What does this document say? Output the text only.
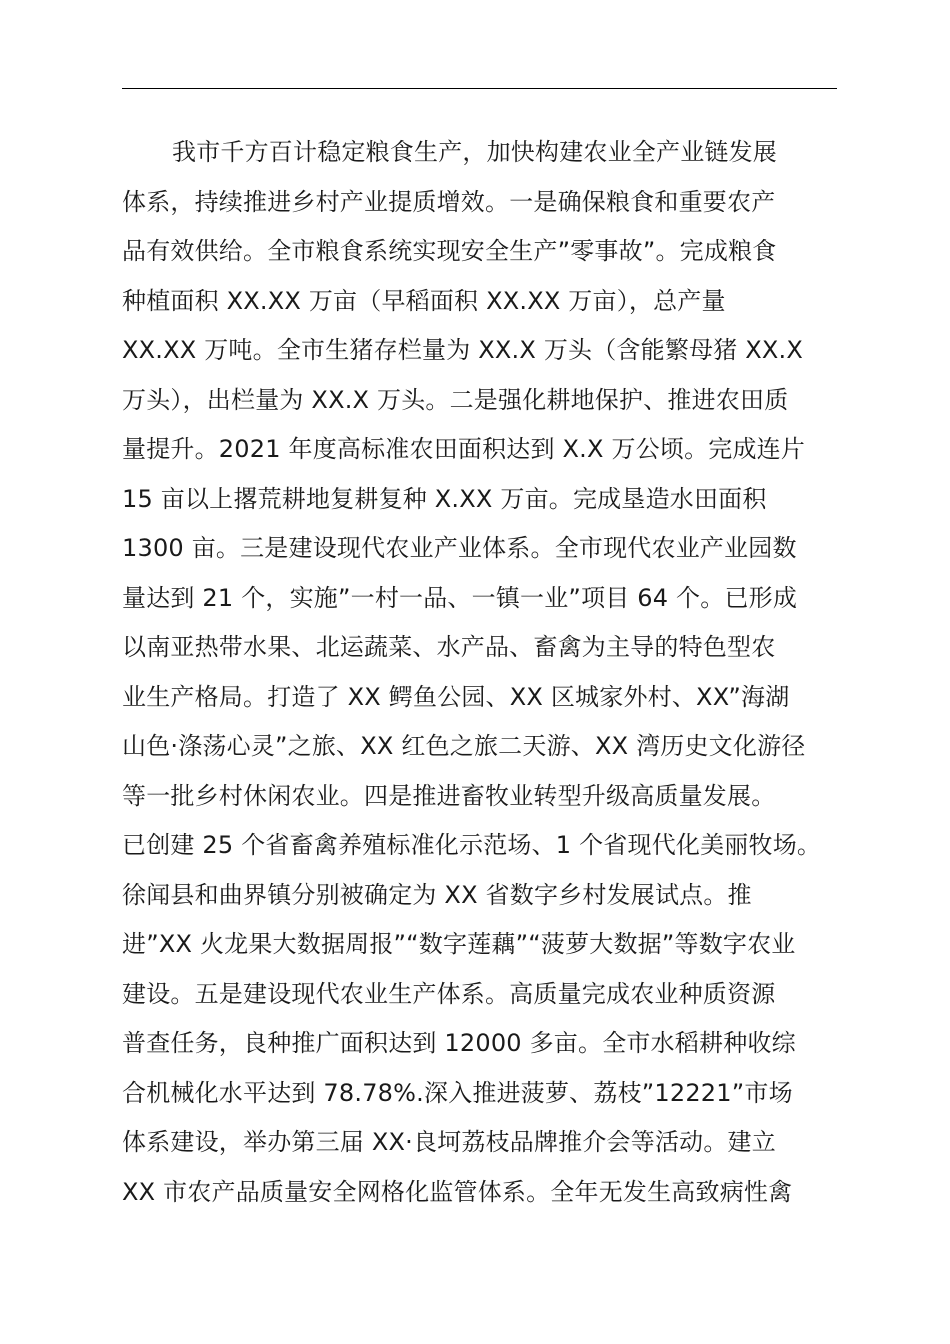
我市千方百计稳定粮食生产，加快构建农业全产业链发展
体系，持续推进乡村产业提质增效。一是确保粮食和重要农产
品有效供给。全市粮食系统实现安全生产”零事故”。完成粮食
种植面积 XX.XX 万亩（早稻面积 XX.XX 万亩），总产量
XX.XX 万吨。全市生猪存栏量为 XX.X 万头（含能繁母猪 XX.X
万头），出栏量为 XX.X 万头。二是强化耕地保护、推进农田质
量提升。2021 年度高标准农田面积达到 X.X 万公顷。完成连片
15 亩以上撂荒耕地复耕复种 X.XX 万亩。完成垦造水田面积
1300 亩。三是建设现代农业产业体系。全市现代农业产业园数
量达到 21 个，实施”一村一品、一镇一业”项目 64 个。已形成
以南亚热带水果、北运蔬菜、水产品、畜禽为主导的特色型农
业生产格局。打造了 XX 鳄鱼公园、XX 区城家外村、XX”海湖
山色·涤荡心灵”之旅、XX 红色之旅二天游、XX 湾历史文化游径
等一批乡村休闲农业。四是推进畜牧业转型升级高质量发展。
已创建 25 个省畜禽养殖标准化示范场、1 个省现代化美丽牧场。
徐闻县和曲界镇分别被确定为 XX 省数字乡村发展试点。推
进”XX 火龙果大数据周报”“数字莲藕”“菠萝大数据”等数字农业
建设。五是建设现代农业生产体系。高质量完成农业种质资源
普查任务，良种推广面积达到 12000 多亩。全市水稻耕种收综
合机械化水平达到 78.78%.深入推进菠萝、荔枝”12221”市场
体系建设，举办第三届 XX·良坷荔枝品牌推介会等活动。建立
XX 市农产品质量安全网格化监管体系。全年无发生高致病性禽
